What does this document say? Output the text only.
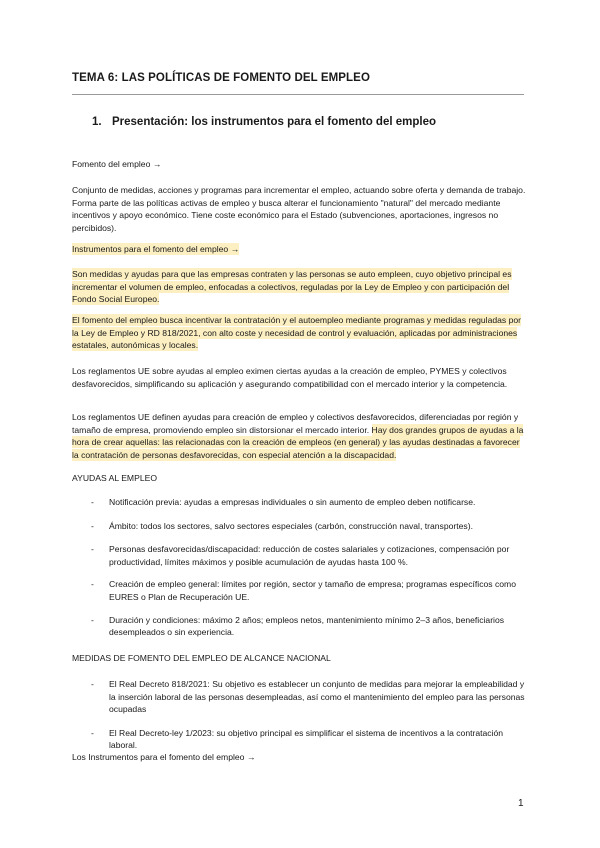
TEMA 6: LAS POLÍTICAS DE FOMENTO DEL EMPLEO
1. Presentación: los instrumentos para el fomento del empleo
Fomento del empleo →
Conjunto de medidas, acciones y programas para incrementar el empleo, actuando sobre oferta y demanda de trabajo. Forma parte de las políticas activas de empleo y busca alterar el funcionamiento "natural" del mercado mediante incentivos y apoyo económico. Tiene coste económico para el Estado (subvenciones, aportaciones, ingresos no percibidos).
Instrumentos para el fomento del empleo →
Son medidas y ayudas para que las empresas contraten y las personas se auto empleen, cuyo objetivo principal es incrementar el volumen de empleo, enfocadas a colectivos, reguladas por la Ley de Empleo y con participación del Fondo Social Europeo.
El fomento del empleo busca incentivar la contratación y el autoempleo mediante programas y medidas reguladas por la Ley de Empleo y RD 818/2021, con alto coste y necesidad de control y evaluación, aplicadas por administraciones estatales, autonómicas y locales.
Los reglamentos UE sobre ayudas al empleo eximen ciertas ayudas a la creación de empleo, PYMES y colectivos desfavorecidos, simplificando su aplicación y asegurando compatibilidad con el mercado interior y la competencia.
Los reglamentos UE definen ayudas para creación de empleo y colectivos desfavorecidos, diferenciadas por región y tamaño de empresa, promoviendo empleo sin distorsionar el mercado interior. Hay dos grandes grupos de ayudas a la hora de crear aquellas: las relacionadas con la creación de empleos (en general) y las ayudas destinadas a favorecer la contratación de personas desfavorecidas, con especial atención a la discapacidad.
AYUDAS AL EMPLEO
- Notificación previa: ayudas a empresas individuales o sin aumento de empleo deben notificarse.
- Ámbito: todos los sectores, salvo sectores especiales (carbón, construcción naval, transportes).
- Personas desfavorecidas/discapacidad: reducción de costes salariales y cotizaciones, compensación por productividad, límites máximos y posible acumulación de ayudas hasta 100 %.
- Creación de empleo general: límites por región, sector y tamaño de empresa; programas específicos como EURES o Plan de Recuperación UE.
- Duración y condiciones: máximo 2 años; empleos netos, mantenimiento mínimo 2–3 años, beneficiarios desempleados o sin experiencia.
MEDIDAS DE FOMENTO DEL EMPLEO DE ALCANCE NACIONAL
- El Real Decreto 818/2021: Su objetivo es establecer un conjunto de medidas para mejorar la empleabilidad y la inserción laboral de las personas desempleadas, así como el mantenimiento del empleo para las personas ocupadas
- El Real Decreto-ley 1/2023: su objetivo principal es simplificar el sistema de incentivos a la contratación laboral.
Los Instrumentos para el fomento del empleo →
1
